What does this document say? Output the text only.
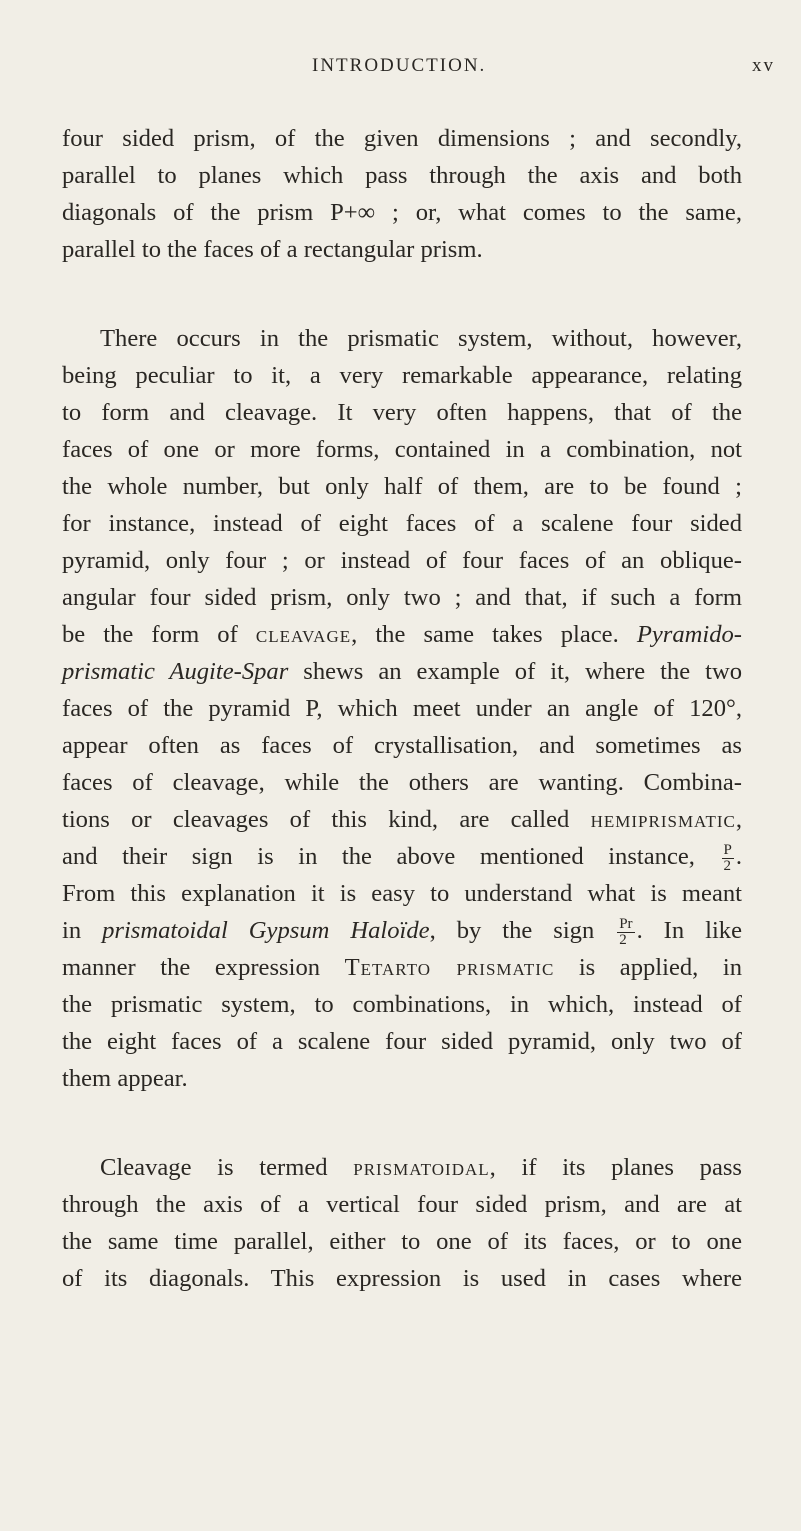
INTRODUCTION.	xv
four sided prism, of the given dimensions ; and secondly,
parallel to planes which pass through the axis and both
diagonals of the prism P+∞ ; or, what comes to the same,
parallel to the faces of a rectangular prism.
There occurs in the prismatic system, without, however,
being peculiar to it, a very remarkable appearance, relating
to form and cleavage. It very often happens, that of the
faces of one or more forms, contained in a combination, not
the whole number, but only half of them, are to be found ;
for instance, instead of eight faces of a scalene four sided
pyramid, only four ; or instead of four faces of an oblique-
angular four sided prism, only two ; and that, if such a form
be the form of cleavage, the same takes place. Pyramido-
prismatic Augite-Spar shews an example of it, where the two
faces of the pyramid P, which meet under an angle of 120°,
appear often as faces of crystallisation, and sometimes as
faces of cleavage, while the others are wanting. Combina-
tions or cleavages of this kind, are called hemiprismatic,
and their sign is in the above mentioned instance, $\frac{P}{2}$ .
From this explanation it is easy to understand what is meant
in prismatoidal Gypsum Haloïde, by the sign $\frac{Pr}{2}$ . In like
manner the expression Tetarto prismatic is applied, in
the prismatic system, to combinations, in which, instead of
the eight faces of a scalene four sided pyramid, only two of
them appear.
Cleavage is termed prismatoidal, if its planes pass
through the axis of a vertical four sided prism, and are at
the same time parallel, either to one of its faces, or to one
of its diagonals. This expression is used in cases where
